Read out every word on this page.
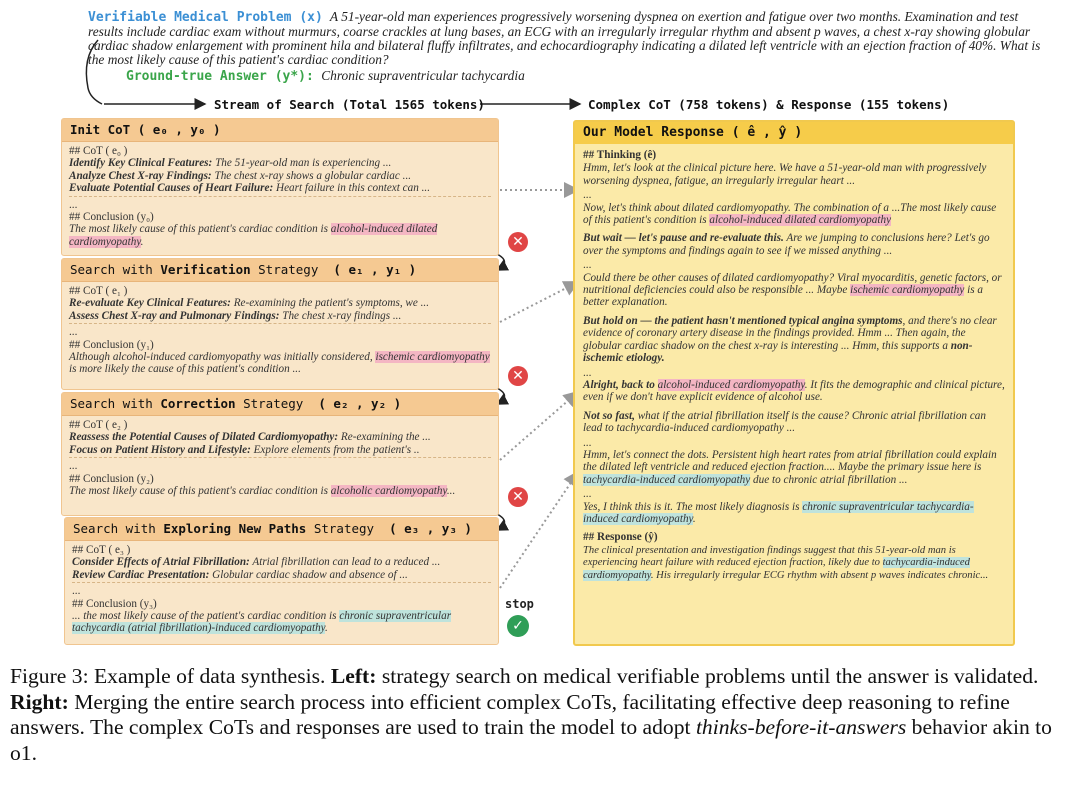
Verifiable Medical Problem (x) A 51-year-old man experiences progressively worsening dyspnea on exertion and fatigue over two months. Examination and test results include cardiac exam without murmurs, coarse crackles at lung bases, an ECG with an irregularly irregular rhythm and absent p waves, a chest x-ray showing globular cardiac shadow enlargement with prominent hila and bilateral fluffy infiltrates, and echocardiography indicating a dilated left ventricle with an ejection fraction of 40%. What is the most likely cause of this patient's cardiac condition?
Ground-true Answer (y*): Chronic supraventricular tachycardia
Stream of Search (Total 1565 tokens)	Complex CoT (758 tokens) & Response (155 tokens)
Init CoT ( e₀ , y₀ )
## CoT ( e₀ )
Identify Key Clinical Features: The 51-year-old man is experiencing ...
Analyze Chest X-ray Findings: The chest x-ray shows a globular cardiac ...
Evaluate Potential Causes of Heart Failure: Heart failure in this context can ...
...
## Conclusion (y₀)
The most likely cause of this patient's cardiac condition is alcohol-induced dilated cardiomyopathy.	✕
Search with Verification Strategy ( e₁ , y₁ )
## CoT ( e₁ )
Re-evaluate Key Clinical Features: Re-examining the patient's symptoms, we ...
Assess Chest X-ray and Pulmonary Findings: The chest x-ray findings ...
...
## Conclusion (y₁)
Although alcohol-induced cardiomyopathy was initially considered, ischemic cardiomyopathy is more likely the cause of this patient's condition ...	✕
Search with Correction Strategy ( e₂ , y₂ )
## CoT ( e₂ )
Reassess the Potential Causes of Dilated Cardiomyopathy: Re-examining the ...
Focus on Patient History and Lifestyle: Explore elements from the patient's ..
...
## Conclusion (y₂)
The most likely cause of this patient's cardiac condition is alcoholic cardiomyopathy...	✕
Search with Exploring New Paths Strategy ( e₃ , y₃ )
## CoT ( e₃ )
Consider Effects of Atrial Fibrillation: Atrial fibrillation can lead to a reduced ...
Review Cardiac Presentation: Globular cardiac shadow and absence of ...
...
## Conclusion (y₃)
... the most likely cause of the patient's cardiac condition is chronic supraventricular tachycardia (atrial fibrillation)-induced cardiomyopathy.
stop
✓
Our Model Response ( ê , ŷ )

## Thinking (ê)

Hmm, let's look at the clinical picture here. We have a 51-year-old man with progressively worsening dyspnea, fatigue, an irregularly irregular heart ...

...

Now, let's think about dilated cardiomyopathy. The combination of a ...The most likely cause of this patient's condition is alcohol-induced dilated cardiomyopathy

But wait — let's pause and re-evaluate this. Are we jumping to conclusions here? Let's go over the symptoms and findings again to see if we missed anything ...

...

Could there be other causes of dilated cardiomyopathy? Viral myocarditis, genetic factors, or nutritional deficiencies could also be responsible ... Maybe ischemic cardiomyopathy is a better explanation.

But hold on — the patient hasn't mentioned typical angina symptoms, and there's no clear evidence of coronary artery disease in the findings provided. Hmm ... Then again, the globular cardiac shadow on the chest x-ray is interesting ... Hmm, this supports a non-ischemic etiology.

...

Alright, back to alcohol-induced cardiomyopathy. It fits the demographic and clinical picture, even if we don't have explicit evidence of alcohol use.

Not so fast, what if the atrial fibrillation itself is the cause? Chronic atrial fibrillation can lead to tachycardia-induced cardiomyopathy ...

...

Hmm, let's connect the dots. Persistent high heart rates from atrial fibrillation could explain the dilated left ventricle and reduced ejection fraction.... Maybe the primary issue here is tachycardia-induced cardiomyopathy due to chronic atrial fibrillation ...

...

Yes, I think this is it. The most likely diagnosis is chronic supraventricular tachycardia-induced cardiomyopathy.

## Response (ŷ)

The clinical presentation and investigation findings suggest that this 51-year-old man is experiencing heart failure with reduced ejection fraction, likely due to tachycardia-induced cardiomyopathy. His irregularly irregular ECG rhythm with absent p waves indicates chronic...

Figure 3: Example of data synthesis. Left: strategy search on medical verifiable problems until the answer is validated. Right: Merging the entire search process into efficient complex CoTs, facilitating effective deep reasoning to refine answers. The complex CoTs and responses are used to train the model to adopt thinks-before-it-answers behavior akin to o1.
